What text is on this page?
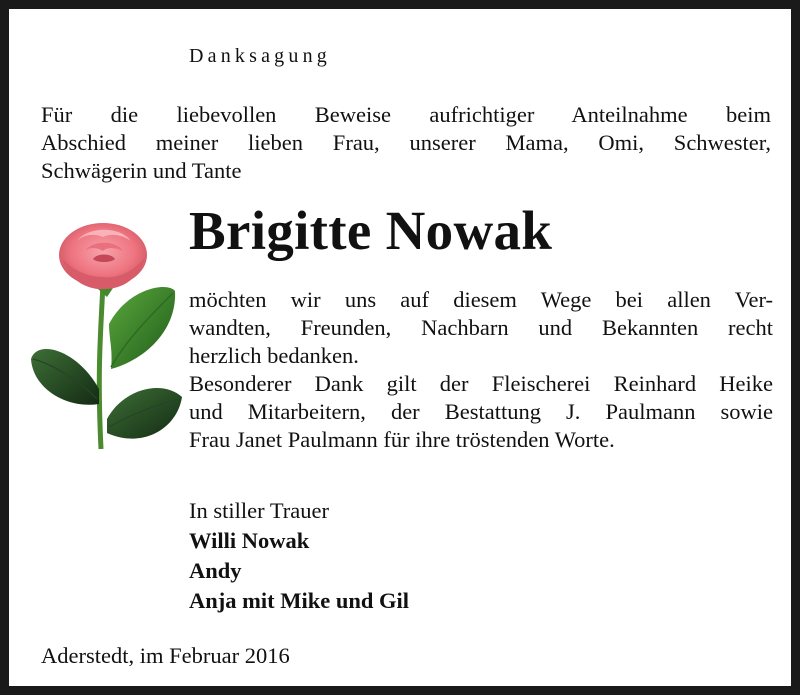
Danksagung
Für die liebevollen Beweise aufrichtiger Anteilnahme beim
Abschied meiner lieben Frau, unserer Mama, Omi, Schwester,
Schwägerin und Tante
Brigitte Nowak
möchten wir uns auf diesem Wege bei allen Ver-
wandten, Freunden, Nachbarn und Bekannten recht
herzlich bedanken.
Besonderer Dank gilt der Fleischerei Reinhard Heike
und Mitarbeitern, der Bestattung J. Paulmann sowie
Frau Janet Paulmann für ihre tröstenden Worte.
In stiller Trauer
Willi Nowak
Andy
Anja mit Mike und Gil
Aderstedt, im Februar 2016
